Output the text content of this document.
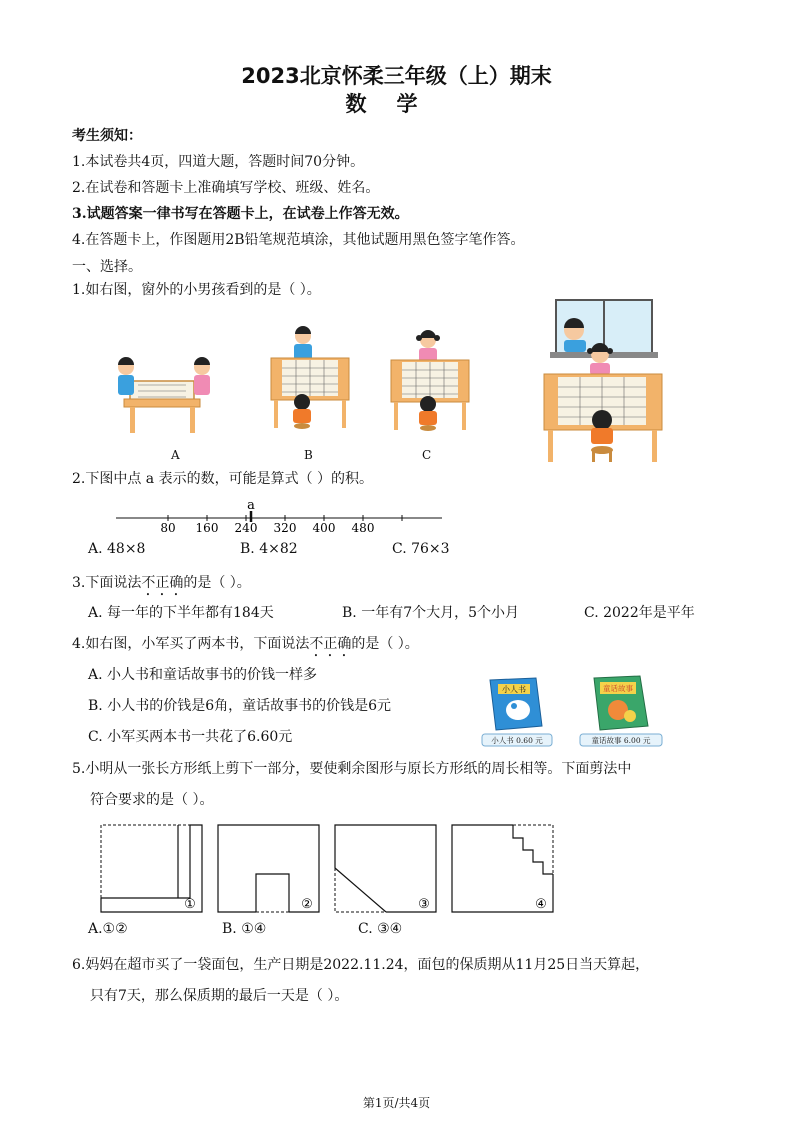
2023北京怀柔三年级（上）期末
数学
考生须知：
1.本试卷共4页，四道大题，答题时间70分钟。
2.在试卷和答题卡上准确填写学校、班级、姓名。
3.试题答案一律书写在答题卡上，在试卷上作答无效。
4.在答题卡上，作图题用2B铅笔规范填涂，其他试题用黑色签字笔作答。
一、选择。
1.如右图，窗外的小男孩看到的是（ ）。
A	B	C
2.下图中点 a 表示的数，可能是算式（ ）的积。
a
80 160 240 320 400 480
A. 48×8	B. 4×82	C. 76×3
3.下面说法不正确的是（ ）。
A. 每一年的下半年都有184天	B. 一年有7个大月，5个小月	C. 2022年是平年
4.如右图，小军买了两本书，下面说法不正确的是（ ）。
A. 小人书和童话故事书的价钱一样多
B. 小人书的价钱是6角，童话故事书的价钱是6元
C. 小军买两本书一共花了6.60元
小人书
小人书 0.60 元
童话故事
童话故事 6.00 元
5.小明从一张长方形纸上剪下一部分，要使剩余图形与原长方形纸的周长相等。下面剪法中
符合要求的是（ ）。
①	②	③	④
A.①②	B. ①④	C. ③④
6.妈妈在超市买了一袋面包，生产日期是2022.11.24，面包的保质期从11月25日当天算起，
只有7天，那么保质期的最后一天是（ ）。
第1页/共4页
